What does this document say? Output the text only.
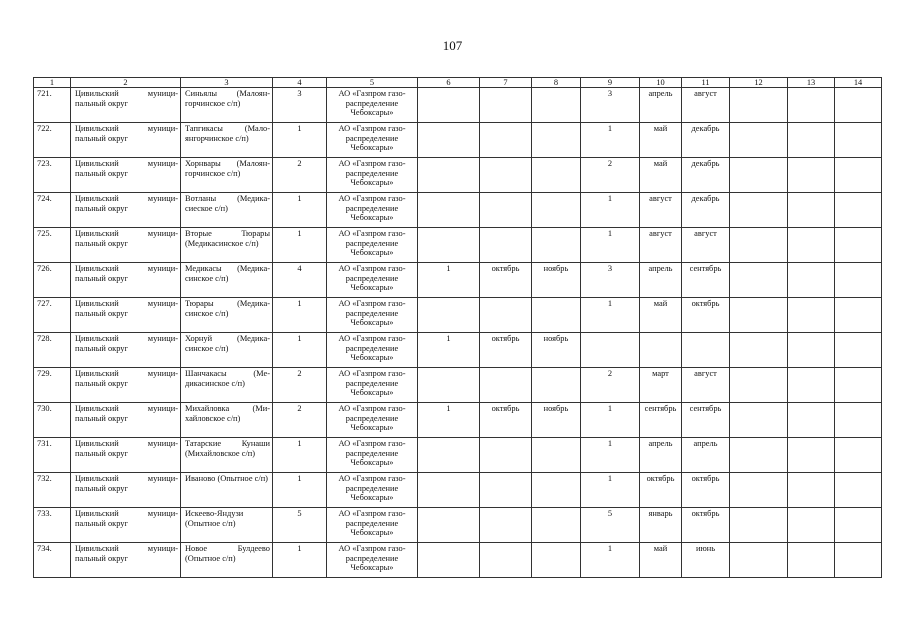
107
1	2	3	4	5	6	7	8	9	10	11	12	13	14
721.	Цивильский муници-пальный округ	Синьялы (Малоян-горчинское с/п)	3	АО «Газпром газо-распределение Чебоксары»				3	апрель	август			
722.	Цивильский муници-пальный округ	Тапгикасы (Мало-янгорчинское с/п)	1	АО «Газпром газо-распределение Чебоксары»				1	май	декабрь			
723.	Цивильский муници-пальный округ	Хорнвары (Малоян-горчинское с/п)	2	АО «Газпром газо-распределение Чебоксары»				2	май	декабрь			
724.	Цивильский муници-пальный округ	Вотланы (Медика-сиеское с/п)	1	АО «Газпром газо-распределение Чебоксары»				1	август	декабрь			
725.	Цивильский муници-пальный округ	Вторые Тюрары (Медикасинское с/п)	1	АО «Газпром газо-распределение Чебоксары»				1	август	август			
726.	Цивильский муници-пальный округ	Медикасы (Медика-синское с/п)	4	АО «Газпром газо-распределение Чебоксары»	1	октябрь	ноябрь	3	апрель	сентябрь			
727.	Цивильский муници-пальный округ	Тюрары (Медика-синское с/п)	1	АО «Газпром газо-распределение Чебоксары»				1	май	октябрь			
728.	Цивильский муници-пальный округ	Хорнуй (Медика-синское с/п)	1	АО «Газпром газо-распределение Чебоксары»	1	октябрь	ноябрь						
729.	Цивильский муници-пальный округ	Шанчакасы (Ме-дикасинское с/п)	2	АО «Газпром газо-распределение Чебоксары»				2	март	август			
730.	Цивильский муници-пальный округ	Михайловка (Ми-хайловское с/п)	2	АО «Газпром газо-распределение Чебоксары»	1	октябрь	ноябрь	1	сентябрь	сентябрь			
731.	Цивильский муници-пальный округ	Татарские Кунаши (Михайловское с/п)	1	АО «Газпром газо-распределение Чебоксары»				1	апрель	апрель			
732.	Цивильский муници-пальный округ	Иваново (Опытное с/п)	1	АО «Газпром газо-распределение Чебоксары»				1	октябрь	октябрь			
733.	Цивильский муници-пальный округ	Искеево-Яндузи (Опытное с/п)	5	АО «Газпром газо-распределение Чебоксары»				5	январь	октябрь			
734.	Цивильский муници-пальный округ	Новое Булдеево (Опытное с/п)	1	АО «Газпром газо-распределение Чебоксары»				1	май	июнь			
